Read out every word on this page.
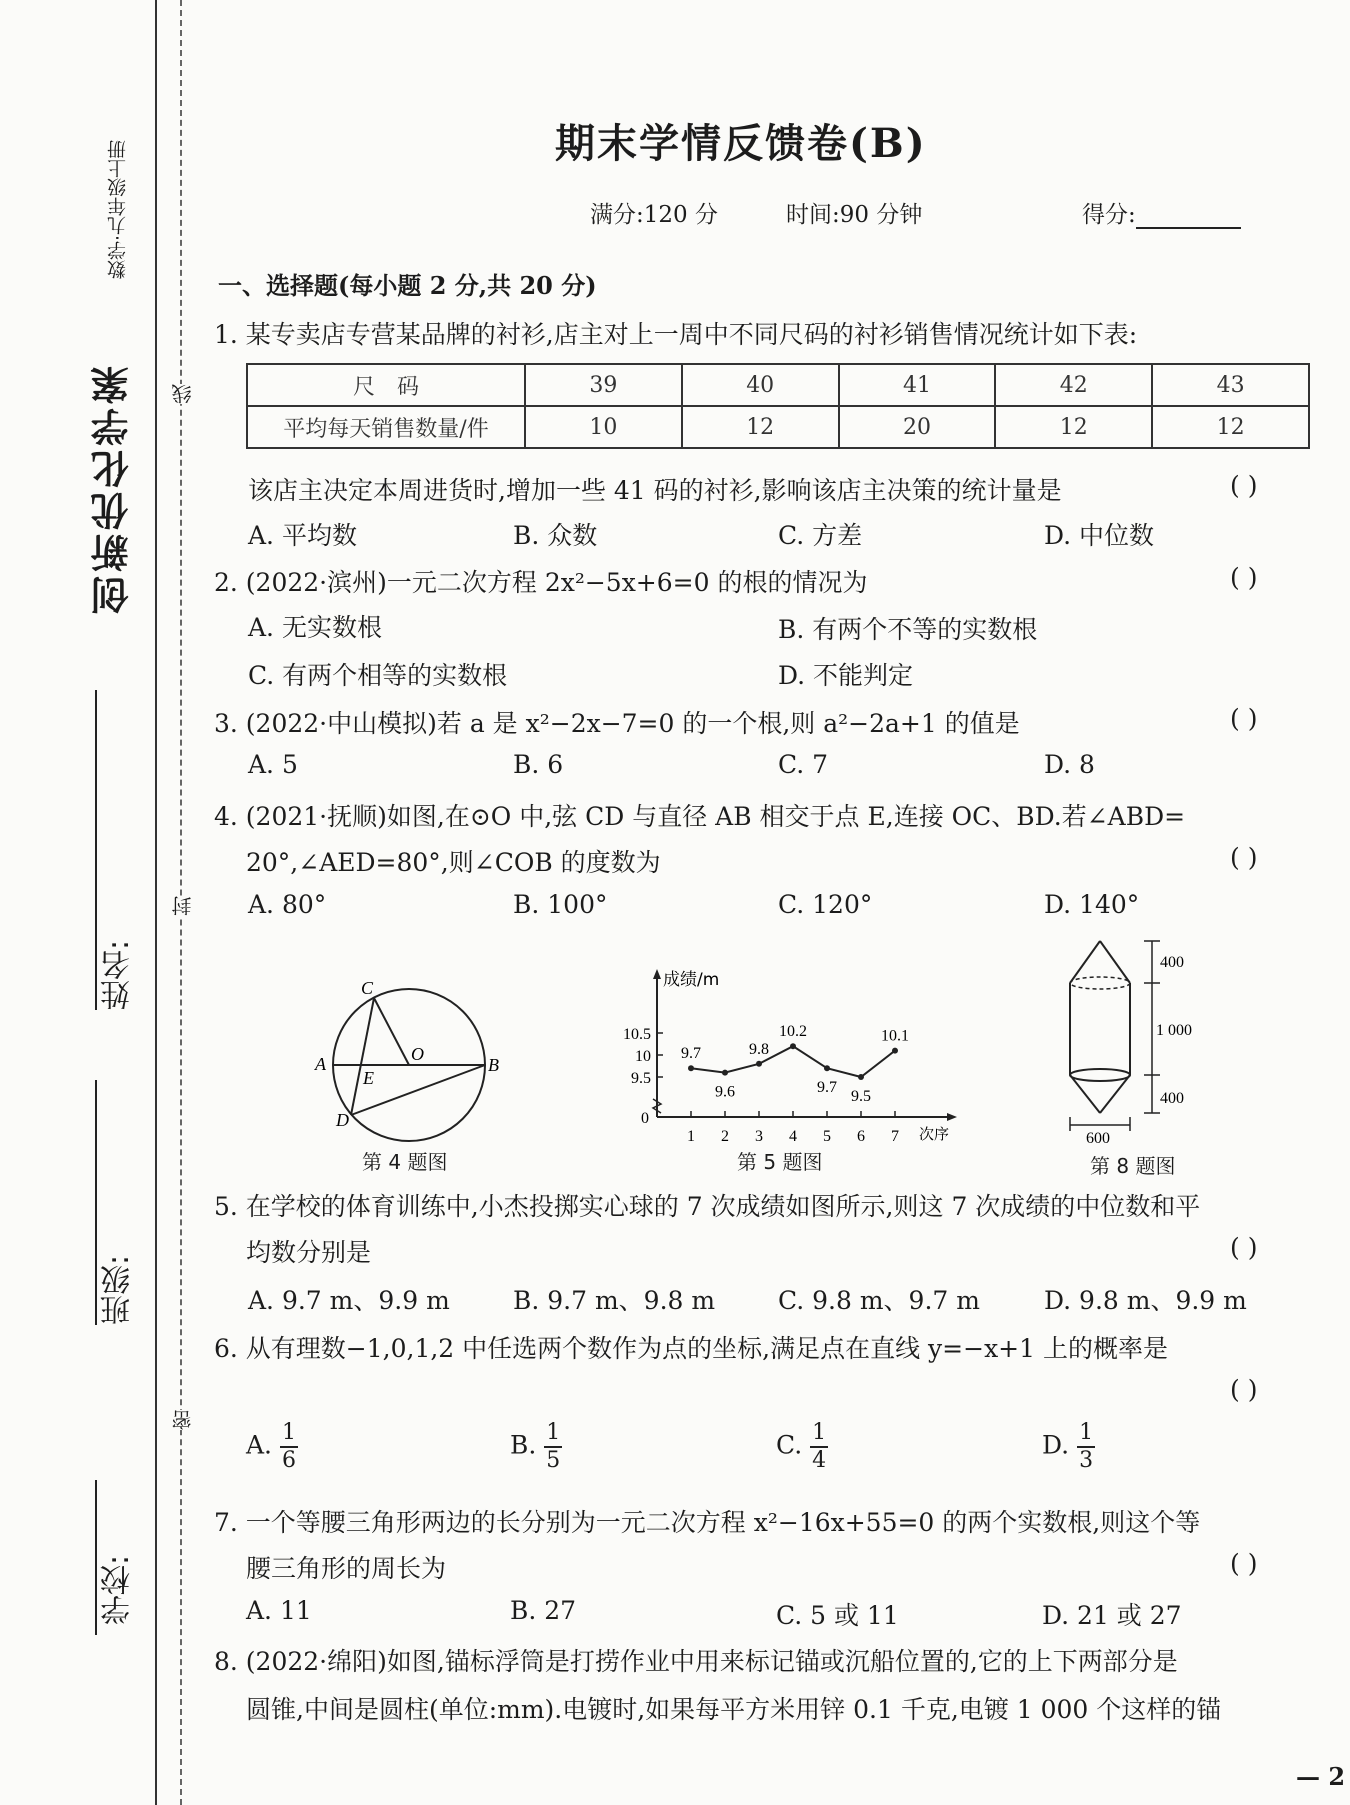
创新优化学案
数学·九年级上册
学校:
班级:
姓名:
线
封
密
期末学情反馈卷(B)
满分:120 分	时间:90 分钟	得分:
一、选择题(每小题 2 分,共 20 分)
1. 某专卖店专营某品牌的衬衫,店主对上一周中不同尺码的衬衫销售情况统计如下表:
尺　码	39	40	41	42	43
平均每天销售数量/件	10	12	20	12	12
该店主决定本周进货时,增加一些 41 码的衬衫,影响该店主决策的统计量是	( )
A. 平均数	B. 众数	C. 方差	D. 中位数
2. (2022·滨州)一元二次方程 2x²−5x+6=0 的根的情况为	( )
A. 无实数根	B. 有两个不等的实数根
C. 有两个相等的实数根	D. 不能判定
3. (2022·中山模拟)若 a 是 x²−2x−7=0 的一个根,则 a²−2a+1 的值是	( )
A. 5	B. 6	C. 7	D. 8
4. (2021·抚顺)如图,在⊙O 中,弦 CD 与直径 AB 相交于点 E,连接 OC、BD.若∠ABD=
20°,∠AED=80°,则∠COB 的度数为	( )
A. 80°	B. 100°	C. 120°	D. 140°
C
A	O
B
E
D
第 4 题图
成绩/m
次序
10.5
10
9.5
0
1
9.7
2
9.6
3
9.8
4
10.2
5
9.7
6
9.5
7
10.1
第 5 题图
400
1 000
400
600
第 8 题图
5. 在学校的体育训练中,小杰投掷实心球的 7 次成绩如图所示,则这 7 次成绩的中位数和平
均数分别是	( )
A. 9.7 m、9.9 m	B. 9.7 m、9.8 m	C. 9.8 m、9.7 m	D. 9.8 m、9.9 m
6. 从有理数−1,0,1,2 中任选两个数作为点的坐标,满足点在直线 y=−x+1 上的概率是
( )
A. $\frac{1}{6}$	B. $\frac{1}{5}$	C. $\frac{1}{4}$	D. $\frac{1}{3}$
7. 一个等腰三角形两边的长分别为一元二次方程 x²−16x+55=0 的两个实数根,则这个等
腰三角形的周长为	( )
A. 11	B. 27	C. 5 或 11	D. 21 或 27
8. (2022·绵阳)如图,锚标浮筒是打捞作业中用来标记锚或沉船位置的,它的上下两部分是
圆锥,中间是圆柱(单位:mm).电镀时,如果每平方米用锌 0.1 千克,电镀 1 000 个这样的锚
— 2
